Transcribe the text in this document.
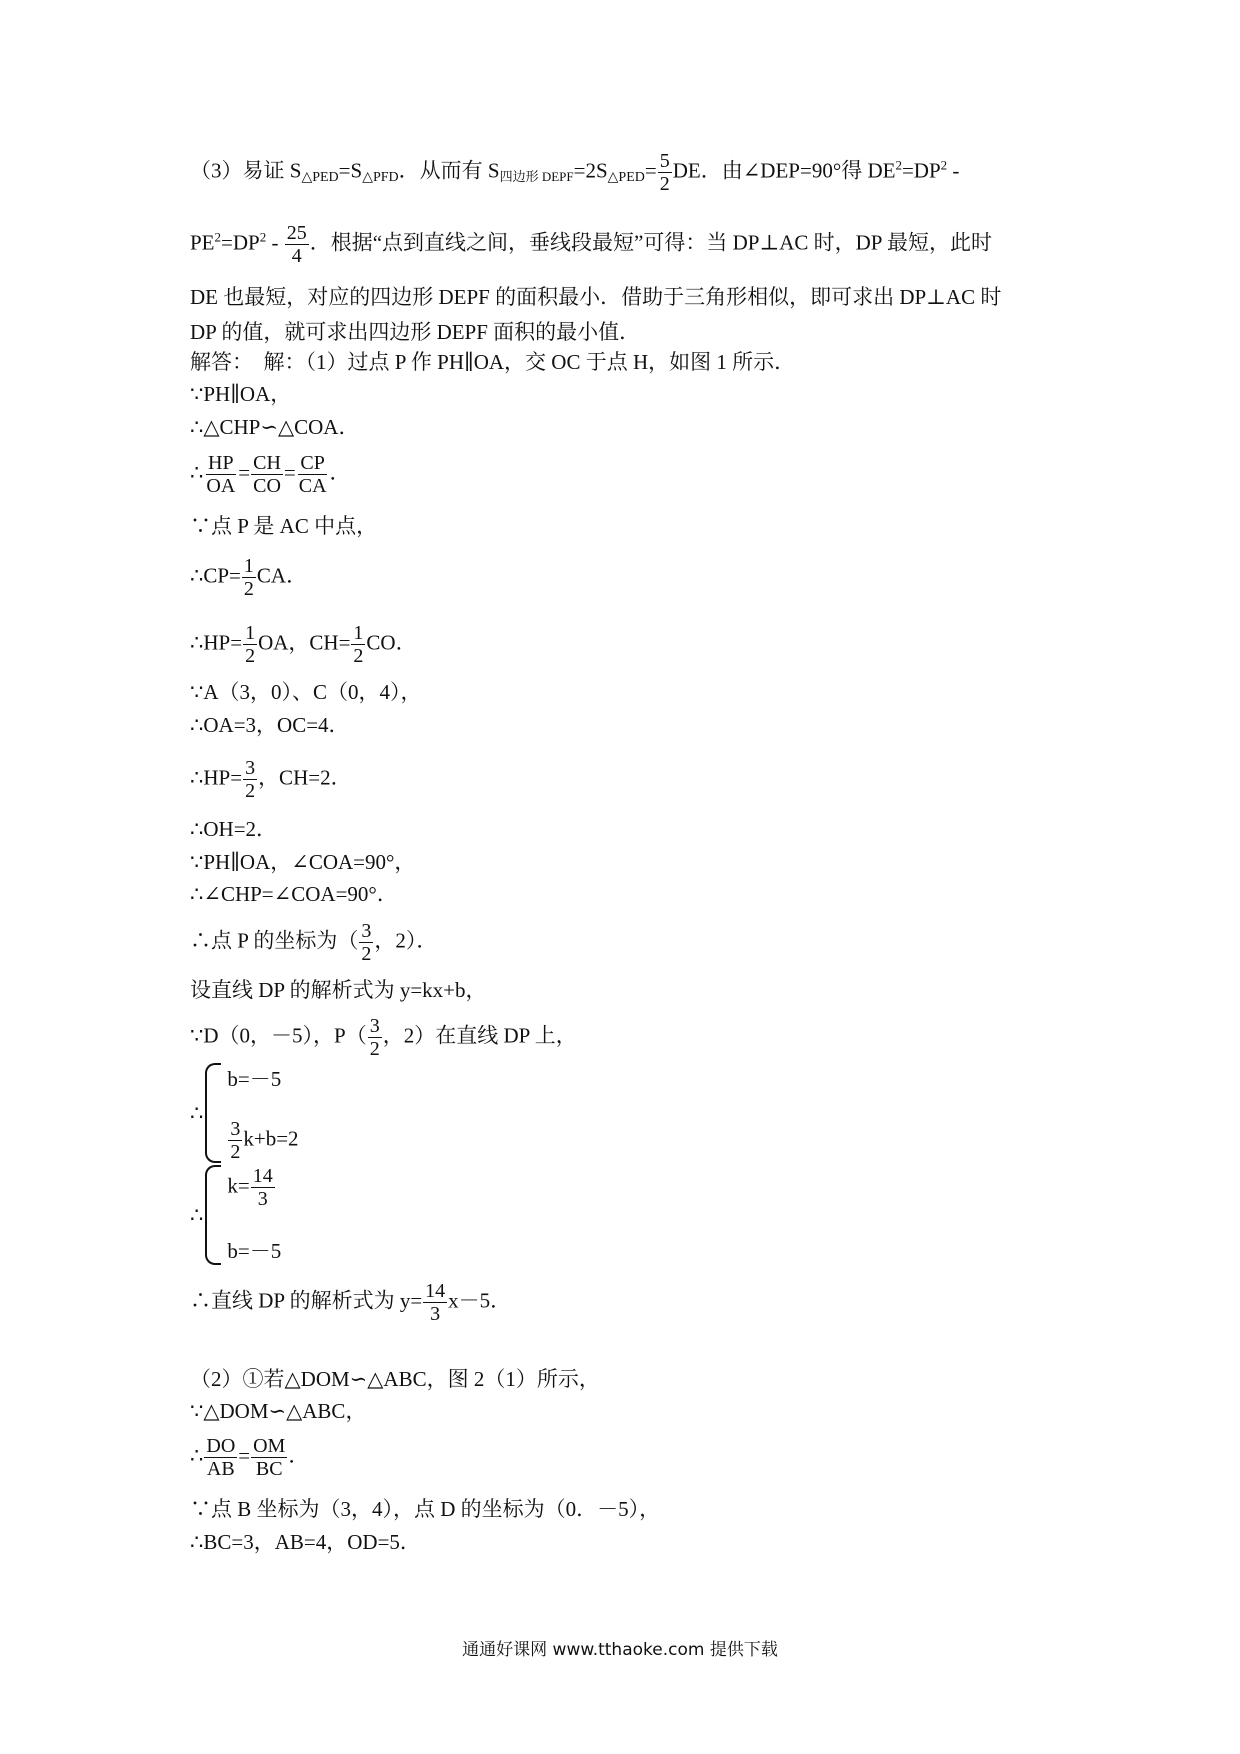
（3）易证 S△PED=S△PFD．从而有 S四边形 DEPF=2S△PED= $\frac{5}{2}$ DE．由∠DEP=90°得 $DE^2=DP^2$ -
$PE^2=DP^2 - \frac{25}{4}$ ．根据“点到直线之间，垂线段最短”可得：当 DP⊥AC 时，DP 最短，此时
DE 也最短，对应的四边形 DEPF 的面积最小．借助于三角形相似，即可求出 DP⊥AC 时
DP 的值，就可求出四边形 DEPF 面积的最小值．
解答：　解：（1）过点 P 作 PH∥OA，交 OC 于点 H，如图 1 所示．
∵PH∥OA，
∴△CHP∽△COA．
∴ $\frac{HP}{OA} = \frac{CH}{CO} = \frac{CP}{CA}$ ．
∵点 P 是 AC 中点，
∴CP= $\frac{1}{2}$ CA．
∴HP= $\frac{1}{2}$ OA，$CH= \frac{1}{2}$ CO．
∵A（3，0）、C（0，4），
∴OA=3，OC=4．
∴HP= $\frac{3}{2}$ ，CH=2．
∴OH=2．
∵PH∥OA，∠COA=90°，
∴∠CHP=∠COA=90°．
∴点 P 的坐标为（ $\frac{3}{2}$ ，2）．
设直线 DP 的解析式为 y=kx+b，
∵D（0，－5），$P( \frac{3}{2}$ ，2）在直线 DP 上，
∴
b=－5
$\frac{3}{2} k+b=2$
∴
$k= \frac{14}{3}$
b=－5
∴直线 DP 的解析式为 $y= \frac{14}{3} x-5$．
（2）①若△DOM∽△ABC，图 2（1）所示，
∵△DOM∽△ABC，
∴ $\frac{DO}{AB} = \frac{OM}{BC}$ ．
∵点 B 坐标为（3，4），点 D 的坐标为（0．－5），
∴BC=3，AB=4，OD=5．
通通好课网 www.tthaoke.com 提供下载
